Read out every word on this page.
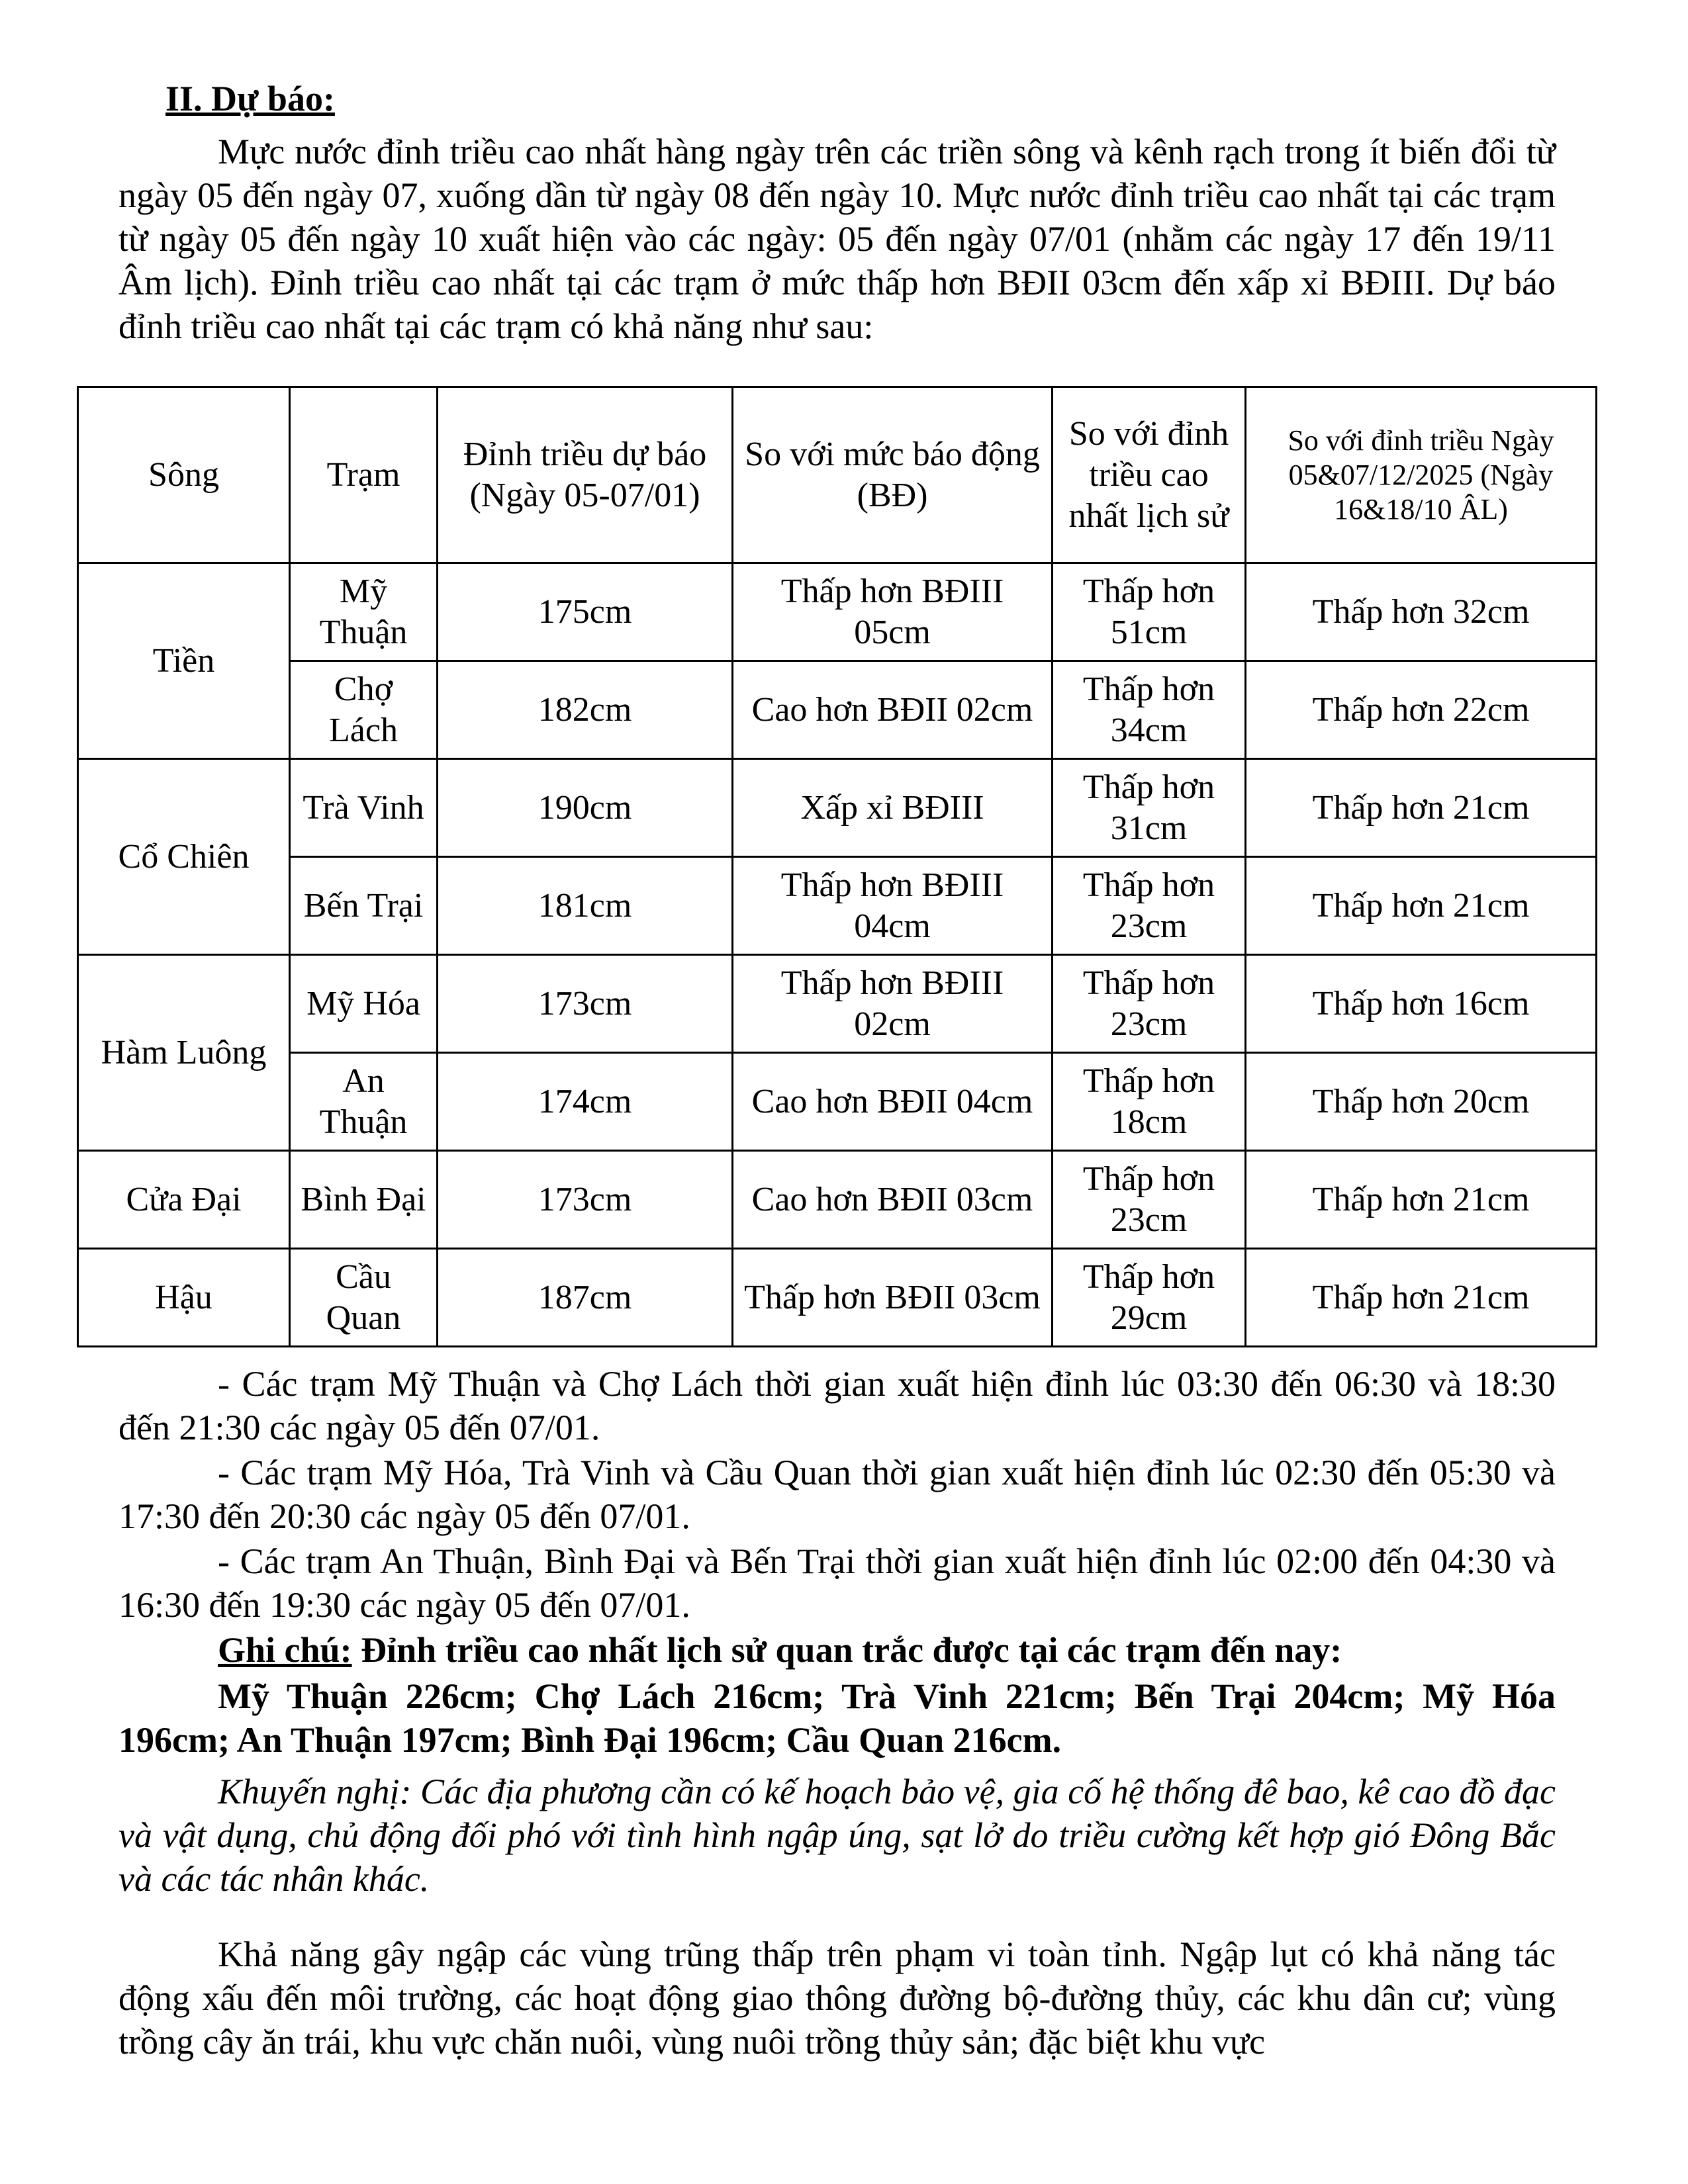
II. Dự báo:
Mực nước đỉnh triều cao nhất hàng ngày trên các triền sông và kênh rạch trong ít biến đổi từ ngày 05 đến ngày 07, xuống dần từ ngày 08 đến ngày 10. Mực nước đỉnh triều cao nhất tại các trạm từ ngày 05 đến ngày 10 xuất hiện vào các ngày: 05 đến ngày 07/01 (nhằm các ngày 17 đến 19/11 Âm lịch). Đỉnh triều cao nhất tại các trạm ở mức thấp hơn BĐII 03cm đến xấp xỉ BĐIII. Dự báo đỉnh triều cao nhất tại các trạm có khả năng như sau:
Sông	Trạm	Đỉnh triều dự báo (Ngày 05-07/01)	So với mức báo động (BĐ)	So với đỉnh triều cao nhất lịch sử	So với đỉnh triều Ngày 05&07/12/2025 (Ngày 16&18/10 ÂL)
Tiền	Mỹ Thuận	175cm	Thấp hơn BĐIII 05cm	Thấp hơn 51cm	Thấp hơn 32cm
	Chợ Lách	182cm	Cao hơn BĐII 02cm	Thấp hơn 34cm	Thấp hơn 22cm
Cổ Chiên	Trà Vinh	190cm	Xấp xỉ BĐIII	Thấp hơn 31cm	Thấp hơn 21cm
	Bến Trại	181cm	Thấp hơn BĐIII 04cm	Thấp hơn 23cm	Thấp hơn 21cm
Hàm Luông	Mỹ Hóa	173cm	Thấp hơn BĐIII 02cm	Thấp hơn 23cm	Thấp hơn 16cm
	An Thuận	174cm	Cao hơn BĐII 04cm	Thấp hơn 18cm	Thấp hơn 20cm
Cửa Đại	Bình Đại	173cm	Cao hơn BĐII 03cm	Thấp hơn 23cm	Thấp hơn 21cm
Hậu	Cầu Quan	187cm	Thấp hơn BĐII 03cm	Thấp hơn 29cm	Thấp hơn 21cm
- Các trạm Mỹ Thuận và Chợ Lách thời gian xuất hiện đỉnh lúc 03:30 đến 06:30 và 18:30 đến 21:30 các ngày 05 đến 07/01.
- Các trạm Mỹ Hóa, Trà Vinh và Cầu Quan thời gian xuất hiện đỉnh lúc 02:30 đến 05:30 và 17:30 đến 20:30 các ngày 05 đến 07/01.
- Các trạm An Thuận, Bình Đại và Bến Trại thời gian xuất hiện đỉnh lúc 02:00 đến 04:30 và 16:30 đến 19:30 các ngày 05 đến 07/01.
Ghi chú: Đỉnh triều cao nhất lịch sử quan trắc được tại các trạm đến nay:
Mỹ Thuận 226cm; Chợ Lách 216cm; Trà Vinh 221cm; Bến Trại 204cm; Mỹ Hóa 196cm; An Thuận 197cm; Bình Đại 196cm; Cầu Quan 216cm.
Khuyến nghị: Các địa phương cần có kế hoạch bảo vệ, gia cố hệ thống đê bao, kê cao đồ đạc và vật dụng, chủ động đối phó với tình hình ngập úng, sạt lở do triều cường kết hợp gió Đông Bắc và các tác nhân khác.
Khả năng gây ngập các vùng trũng thấp trên phạm vi toàn tỉnh. Ngập lụt có khả năng tác động xấu đến môi trường, các hoạt động giao thông đường bộ-đường thủy, các khu dân cư; vùng trồng cây ăn trái, khu vực chăn nuôi, vùng nuôi trồng thủy sản; đặc biệt khu vực
